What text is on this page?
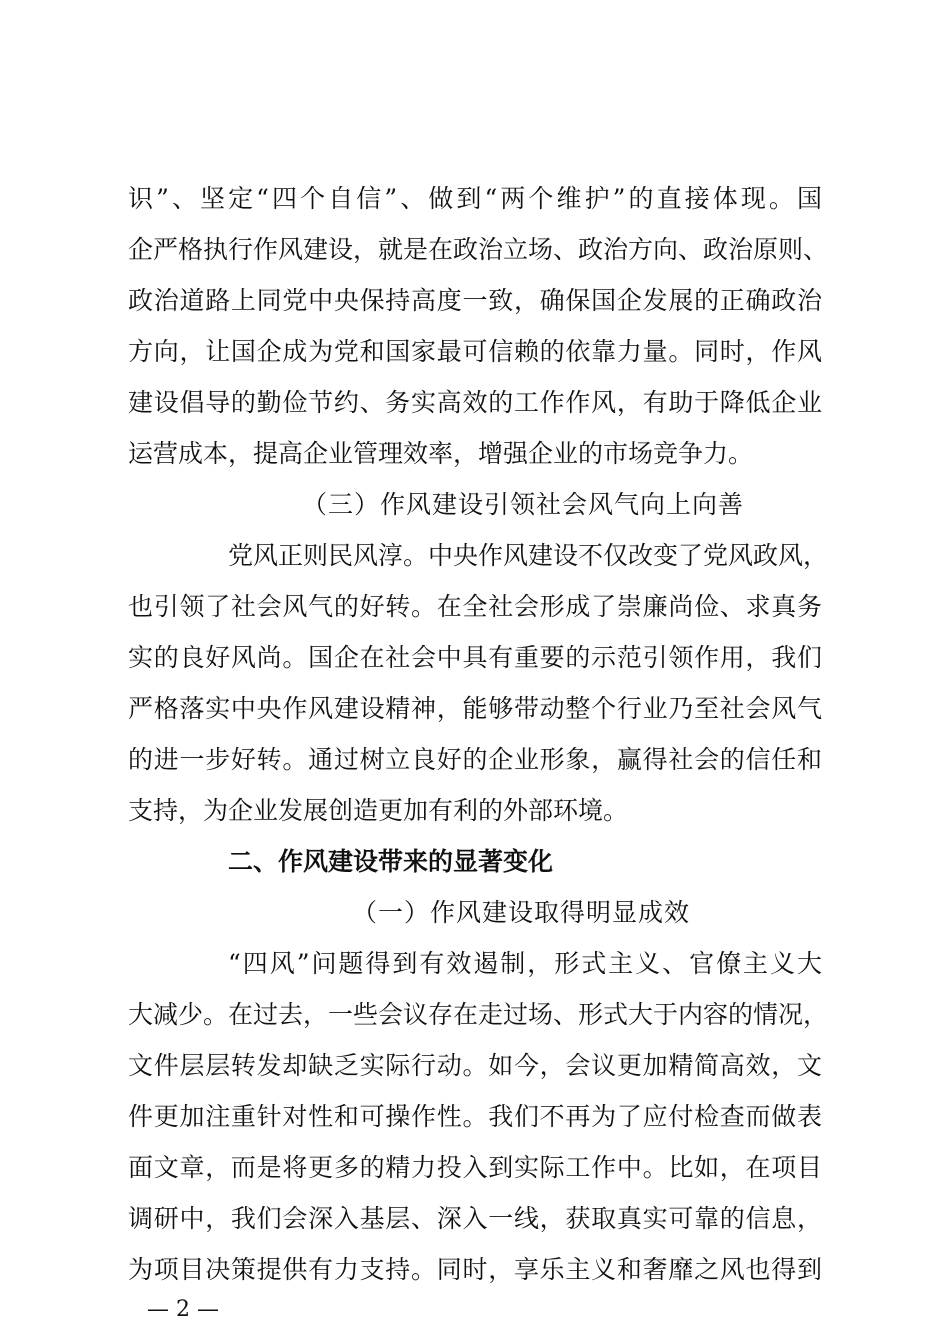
识”、坚定“四个自信”、做到“两个维护”的直接体现。国
企严格执行作风建设，就是在政治立场、政治方向、政治原则、
政治道路上同党中央保持高度一致，确保国企发展的正确政治
方向，让国企成为党和国家最可信赖的依靠力量。同时，作风
建设倡导的勤俭节约、务实高效的工作作风，有助于降低企业
运营成本，提高企业管理效率，增强企业的市场竞争力。
（三）作风建设引领社会风气向上向善
党风正则民风淳。中央作风建设不仅改变了党风政风，
也引领了社会风气的好转。在全社会形成了崇廉尚俭、求真务
实的良好风尚。国企在社会中具有重要的示范引领作用，我们
严格落实中央作风建设精神，能够带动整个行业乃至社会风气
的进一步好转。通过树立良好的企业形象，赢得社会的信任和
支持，为企业发展创造更加有利的外部环境。
二、作风建设带来的显著变化
（一）作风建设取得明显成效
“四风”问题得到有效遏制，形式主义、官僚主义大
大减少。在过去，一些会议存在走过场、形式大于内容的情况，
文件层层转发却缺乏实际行动。如今，会议更加精简高效，文
件更加注重针对性和可操作性。我们不再为了应付检查而做表
面文章，而是将更多的精力投入到实际工作中。比如，在项目
调研中，我们会深入基层、深入一线，获取真实可靠的信息，
为项目决策提供有力支持。同时，享乐主义和奢靡之风也得到
— 2 —
